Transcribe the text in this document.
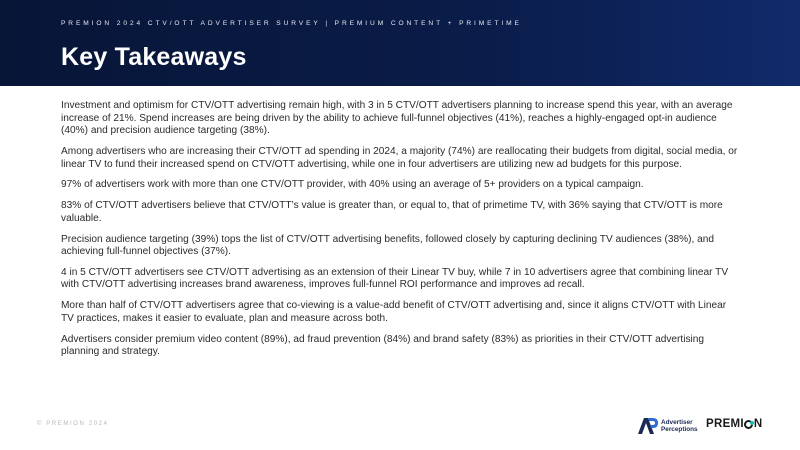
PREMION 2024 CTV/OTT ADVERTISER SURVEY | PREMIUM CONTENT + PRIMETIME
Key Takeaways

Investment and optimism for CTV/OTT advertising remain high, with 3 in 5 CTV/OTT advertisers planning to increase spend this year, with an average increase of 21%. Spend increases are being driven by the ability to achieve full-funnel objectives (41%), reaches a highly-engaged opt-in audience (40%) and precision audience targeting (38%).

Among advertisers who are increasing their CTV/OTT ad spending in 2024, a majority (74%) are reallocating their budgets from digital, social media, or linear TV to fund their increased spend on CTV/OTT advertising, while one in four advertisers are utilizing new ad budgets for this purpose.

97% of advertisers work with more than one CTV/OTT provider, with 40% using an average of 5+ providers on a typical campaign.

83% of CTV/OTT advertisers believe that CTV/OTT’s value is greater than, or equal to, that of primetime TV, with 36% saying that CTV/OTT is more valuable.

Precision audience targeting (39%) tops the list of CTV/OTT advertising benefits, followed closely by capturing declining TV audiences (38%), and achieving full-funnel objectives (37%).

4 in 5 CTV/OTT advertisers see CTV/OTT advertising as an extension of their Linear TV buy, while 7 in 10 advertisers agree that combining linear TV with CTV/OTT advertising increases brand awareness, improves full-funnel ROI performance and improves ad recall.

More than half of CTV/OTT advertisers agree that co-viewing is a value-add benefit of CTV/OTT advertising and, since it aligns CTV/OTT with Linear TV practices, makes it easier to evaluate, plan and measure across both.

Advertisers consider premium video content (89%), ad fraud prevention (84%) and brand safety (83%) as priorities in their CTV/OTT advertising planning and strategy.

© PREMION 2024	Advertiser
Perceptions PREMI N
